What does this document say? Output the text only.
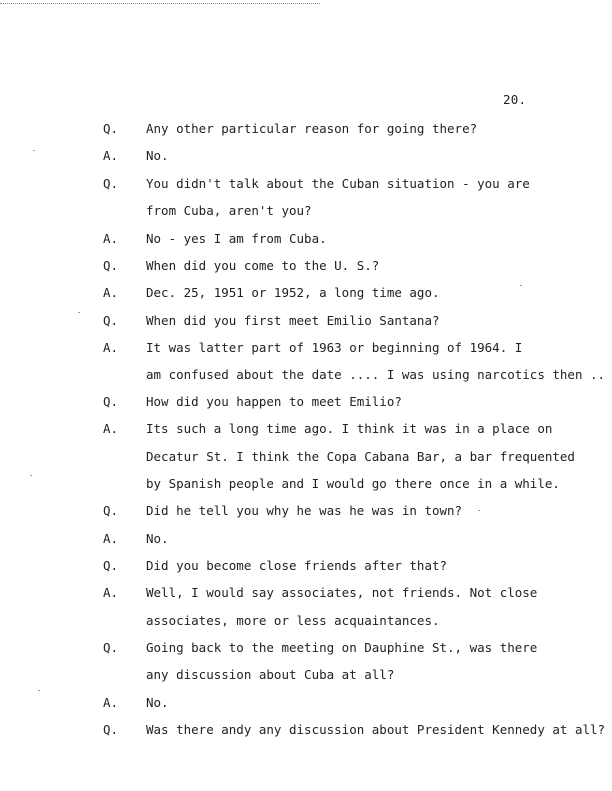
20.
Q. Any other particular reason for going there?
A. No.
Q. You didn't talk about the Cuban situation - you are
from Cuba, aren't you?
A. No - yes I am from Cuba.
Q. When did you come to the U. S.?
A. Dec. 25, 1951 or 1952, a long time ago.
Q. When did you first meet Emilio Santana?
A. It was latter part of 1963 or beginning of 1964. I
am confused about the date .... I was using narcotics then ..
Q. How did you happen to meet Emilio?
A. Its such a long time ago. I think it was in a place on
Decatur St. I think the Copa Cabana Bar, a bar frequented
by Spanish people and I would go there once in a while.
Q. Did he tell you why he was he was in town?
A. No.
Q. Did you become close friends after that?
A. Well, I would say associates, not friends. Not close
associates, more or less acquaintances.
Q. Going back to the meeting on Dauphine St., was there
any discussion about Cuba at all?
A. No.
Q. Was there andy any discussion about President Kennedy at all?
